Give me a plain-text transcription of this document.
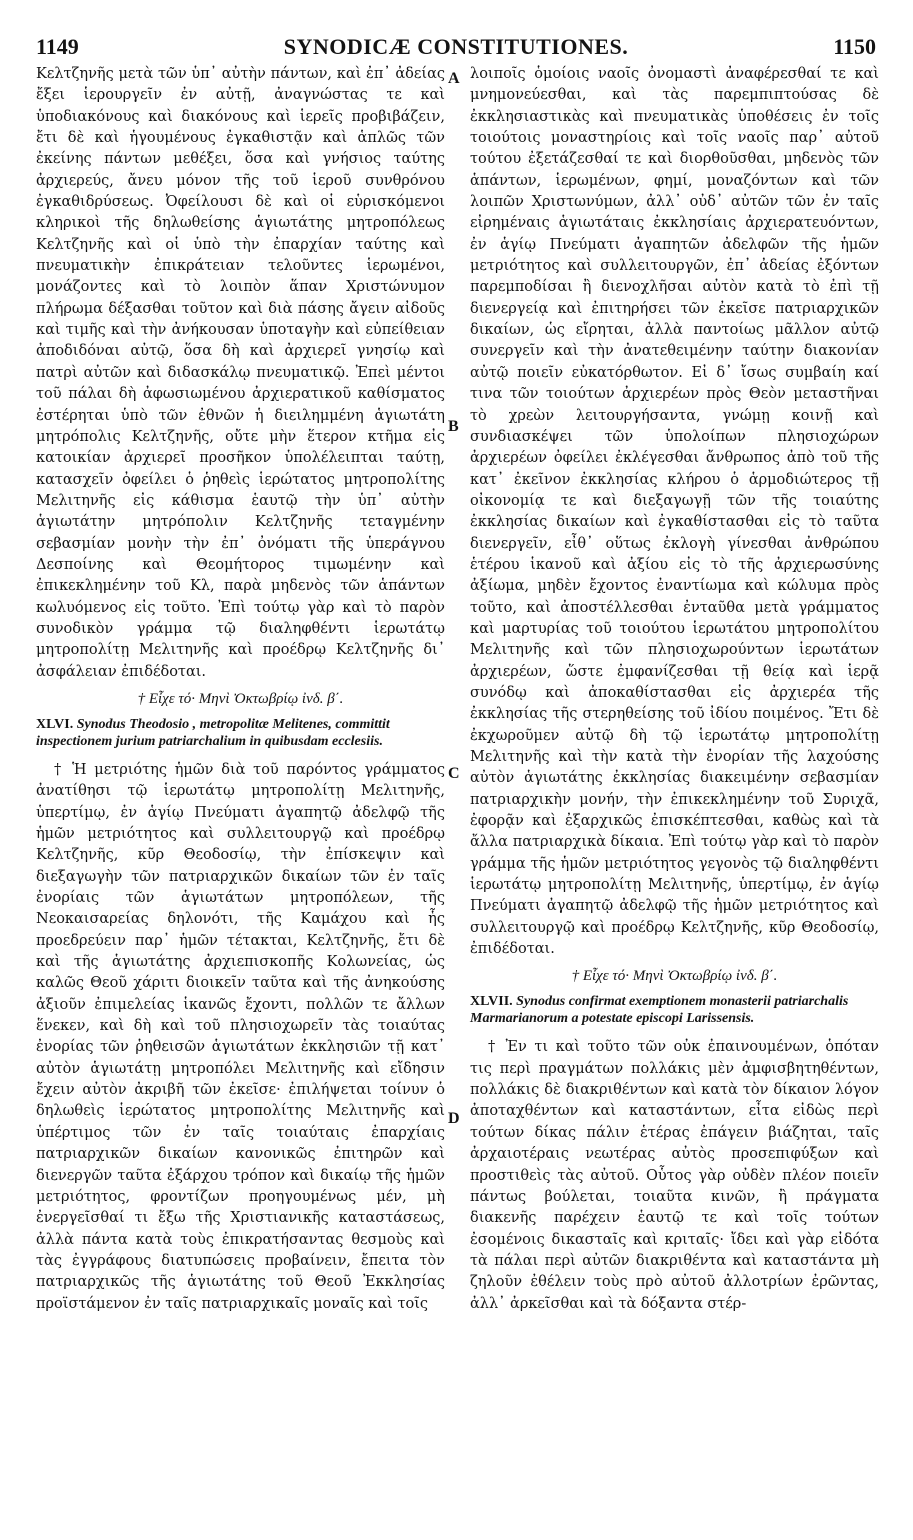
1149	SYNODICÆ CONSTITUTIONES.	1150
A
B
C
D

Κελτζηνῆς μετὰ τῶν ὑπ᾽ αὐτὴν πάντων, καὶ ἐπ᾽ ἀδείας ἔξει ἱερουργεῖν ἐν αὐτῇ, ἀναγνώστας τε καὶ ὑποδιακόνους καὶ διακόνους καὶ ἱερεῖς προβιβάζειν, ἔτι δὲ καὶ ἡγουμένους ἐγκαθιστᾷν καὶ ἁπλῶς τῶν ἐκείνης πάντων μεθέξει, ὅσα καὶ γνήσιος ταύτης ἀρχιερεύς, ἄνευ μόνον τῆς τοῦ ἱεροῦ συνθρόνου ἐγκαθιδρύσεως. Ὀφείλουσι δὲ καὶ οἱ εὑρισκόμενοι κληρικοὶ τῆς δηλωθείσης ἁγιωτάτης μητροπόλεως Κελτζηνῆς καὶ οἱ ὑπὸ τὴν ἐπαρχίαν ταύτης καὶ πνευματικὴν ἐπικράτειαν τελοῦντες ἱερωμένοι, μονάζοντες καὶ τὸ λοιπὸν ἅπαν Χριστώνυμον πλήρωμα δέξασθαι τοῦτον καὶ διὰ πάσης ἄγειν αἰδοῦς καὶ τιμῆς καὶ τὴν ἀνήκουσαν ὑποταγὴν καὶ εὐπείθειαν ἀποδιδόναι αὐτῷ, ὅσα δὴ καὶ ἀρχιερεῖ γνησίῳ καὶ πατρὶ αὐτῶν καὶ διδασκάλῳ πνευματικῷ. Ἐπεὶ μέντοι τοῦ πάλαι δὴ ἀφωσιωμένου ἀρχιερατικοῦ καθίσματος ἐστέρηται ὑπὸ τῶν ἐθνῶν ἡ διειλημμένη ἁγιωτάτη μητρόπολις Κελτζηνῆς, οὔτε μὴν ἕτερον κτῆμα εἰς κατοικίαν ἀρχιερεῖ προσῆκον ὑπολέλειπται ταύτῃ, κατασχεῖν ὀφείλει ὁ ῥηθεὶς ἱερώτατος μητροπολίτης Μελιτηνῆς εἰς κάθισμα ἑαυτῷ τὴν ὑπ᾽ αὐτὴν ἁγιωτάτην μητρόπολιν Κελτζηνῆς τεταγμένην σεβασμίαν μονὴν τὴν ἐπ᾽ ὀνόματι τῆς ὑπεράγνου Δεσποίνης καὶ Θεομήτορος τιμωμένην καὶ ἐπικεκλημένην τοῦ Κλ, παρὰ μηδενὸς τῶν ἁπάντων κωλυόμενος εἰς τοῦτο. Ἐπὶ τούτῳ γὰρ καὶ τὸ παρὸν συνοδικὸν γράμμα τῷ διαληφθέντι ἱερωτάτῳ μητροπολίτῃ Μελιτηνῆς καὶ προέδρῳ Κελτζηνῆς δι᾽ ἀσφάλειαν ἐπιδέδοται.

† Εἶχε τό· Μηνὶ Ὀκτωβρίῳ ἰνδ. β΄.
XLVI. Synodus Theodosio , metropolitæ Melitenes, committit inspectionem jurium patriarchalium in quibusdam ecclesiis.

† Ἡ μετριότης ἡμῶν διὰ τοῦ παρόντος γράμματος ἀνατίθησι τῷ ἱερωτάτῳ μητροπολίτῃ Μελιτηνῆς, ὑπερτίμῳ, ἐν ἁγίῳ Πνεύματι ἀγαπητῷ ἀδελφῷ τῆς ἡμῶν μετριότητος καὶ συλλειτουργῷ καὶ προέδρῳ Κελτζηνῆς, κῦρ Θεοδοσίῳ, τὴν ἐπίσκεψιν καὶ διεξαγωγὴν τῶν πατριαρχικῶν δικαίων τῶν ἐν ταῖς ἐνορίαις τῶν ἁγιωτάτων μητροπόλεων, τῆς Νεοκαισαρείας δηλονότι, τῆς Καμάχου καὶ ἧς προεδρεύειν παρ᾽ ἡμῶν τέτακται, Κελτζηνῆς, ἔτι δὲ καὶ τῆς ἁγιωτάτης ἀρχιεπισκοπῆς Κολωνείας, ὡς καλῶς Θεοῦ χάριτι διοικεῖν ταῦτα καὶ τῆς ἀνηκούσης ἀξιοῦν ἐπιμελείας ἱκανῶς ἔχοντι, πολλῶν τε ἄλλων ἕνεκεν, καὶ δὴ καὶ τοῦ πλησιοχωρεῖν τὰς τοιαύτας ἐνορίας τῶν ῥηθεισῶν ἁγιωτάτων ἐκκλησιῶν τῇ κατ᾽ αὐτὸν ἁγιωτάτῃ μητροπόλει Μελιτηνῆς καὶ εἴδησιν ἔχειν αὐτὸν ἀκριβῆ τῶν ἐκεῖσε· ἐπιλήψεται τοίνυν ὁ δηλωθεὶς ἱερώτατος μητροπολίτης Μελιτηνῆς καὶ ὑπέρτιμος τῶν ἐν ταῖς τοιαύταις ἐπαρχίαις πατριαρχικῶν δικαίων κανονικῶς ἐπιτηρῶν καὶ διενεργῶν ταῦτα ἐξάρχου τρόπον καὶ δικαίῳ τῆς ἡμῶν μετριότητος, φροντίζων προηγουμένως μέν, μὴ ἐνεργεῖσθαί τι ἔξω τῆς Χριστιανικῆς καταστάσεως, ἀλλὰ πάντα κατὰ τοὺς ἐπικρατήσαντας θεσμοὺς καὶ τὰς ἐγγράφους διατυπώσεις προβαίνειν, ἔπειτα τὸν πατριαρχικῶς τῆς ἁγιωτάτης τοῦ Θεοῦ Ἐκκλησίας προϊστάμενον ἐν ταῖς πατριαρχικαῖς μοναῖς καὶ τοῖς

λοιποῖς ὁμοίοις ναοῖς ὀνομαστὶ ἀναφέρεσθαί τε καὶ μνημονεύεσθαι, καὶ τὰς παρεμπιπτούσας δὲ ἐκκλησιαστικὰς καὶ πνευματικὰς ὑποθέσεις ἐν τοῖς τοιούτοις μοναστηρίοις καὶ τοῖς ναοῖς παρ᾽ αὐτοῦ τούτου ἐξετάζεσθαί τε καὶ διορθοῦσθαι, μηδενὸς τῶν ἁπάντων, ἱερωμένων, φημί, μοναζόντων καὶ τῶν λοιπῶν Χριστωνύμων, ἀλλ᾽ οὐδ᾽ αὐτῶν τῶν ἐν ταῖς εἰρημέναις ἁγιωτάταις ἐκκλησίαις ἀρχιερατευόντων, ἐν ἁγίῳ Πνεύματι ἀγαπητῶν ἀδελφῶν τῆς ἡμῶν μετριότητος καὶ συλλειτουργῶν, ἐπ᾽ ἀδείας ἐξόντων παρεμποδίσαι ἢ διενοχλῆσαι αὐτὸν κατὰ τὸ ἐπὶ τῇ διενεργείᾳ καὶ ἐπιτηρήσει τῶν ἐκεῖσε πατριαρχικῶν δικαίων, ὡς εἴρηται, ἀλλὰ παντοίως μᾶλλον αὐτῷ συνεργεῖν καὶ τὴν ἀνατεθειμένην ταύτην διακονίαν αὐτῷ ποιεῖν εὐκατόρθωτον. Εἰ δ᾽ ἴσως συμβαίη καί τινα τῶν τοιούτων ἀρχιερέων πρὸς Θεὸν μεταστῆναι τὸ χρεὼν λειτουργήσαντα, γνώμῃ κοινῇ καὶ συνδιασκέψει τῶν ὑπολοίπων πλησιοχώρων ἀρχιερέων ὀφείλει ἐκλέγεσθαι ἄνθρωπος ἀπὸ τοῦ τῆς κατ᾽ ἐκεῖνον ἐκκλησίας κλήρου ὁ ἁρμοδιώτερος τῇ οἰκονομίᾳ τε καὶ διεξαγωγῇ τῶν τῆς τοιαύτης ἐκκλησίας δικαίων καὶ ἐγκαθίστασθαι εἰς τὸ ταῦτα διενεργεῖν, εἶθ᾽ οὕτως ἐκλογὴ γίνεσθαι ἀνθρώπου ἑτέρου ἱκανοῦ καὶ ἀξίου εἰς τὸ τῆς ἀρχιερωσύνης ἀξίωμα, μηδὲν ἔχοντος ἐναντίωμα καὶ κώλυμα πρὸς τοῦτο, καὶ ἀποστέλλεσθαι ἐνταῦθα μετὰ γράμματος καὶ μαρτυρίας τοῦ τοιούτου ἱερωτάτου μητροπολίτου Μελιτηνῆς καὶ τῶν πλησιοχωρούντων ἱερωτάτων ἀρχιερέων, ὥστε ἐμφανίζεσθαι τῇ θείᾳ καὶ ἱερᾷ συνόδῳ καὶ ἀποκαθίστασθαι εἰς ἀρχιερέα τῆς ἐκκλησίας τῆς στερηθείσης τοῦ ἰδίου ποιμένος. Ἔτι δὲ ἐκχωροῦμεν αὐτῷ δὴ τῷ ἱερωτάτῳ μητροπολίτῃ Μελιτηνῆς καὶ τὴν κατὰ τὴν ἐνορίαν τῆς λαχούσης αὐτὸν ἁγιωτάτης ἐκκλησίας διακειμένην σεβασμίαν πατριαρχικὴν μονήν, τὴν ἐπικεκλημένην τοῦ Συριχᾶ, ἐφορᾷν καὶ ἐξαρχικῶς ἐπισκέπτεσθαι, καθὼς καὶ τὰ ἄλλα πατριαρχικὰ δίκαια. Ἐπὶ τούτῳ γὰρ καὶ τὸ παρὸν γράμμα τῆς ἡμῶν μετριότητος γεγονὸς τῷ διαληφθέντι ἱερωτάτῳ μητροπολίτῃ Μελιτηνῆς, ὑπερτίμῳ, ἐν ἁγίῳ Πνεύματι ἀγαπητῷ ἀδελφῷ τῆς ἡμῶν μετριότητος καὶ συλλειτουργῷ καὶ προέδρῳ Κελτζηνῆς, κῦρ Θεοδοσίῳ, ἐπιδέδοται.

† Εἶχε τό· Μηνὶ Ὀκτωβρίῳ ἰνδ. β΄.
XLVII. Synodus confirmat exemptionem monasterii patriarchalis Marmarianorum a potestate episcopi Larissensis.

† Ἐν τι καὶ τοῦτο τῶν οὐκ ἐπαινουμένων, ὁπόταν τις περὶ πραγμάτων πολλάκις μὲν ἀμφισβητηθέντων, πολλάκις δὲ διακριθέντων καὶ κατὰ τὸν δίκαιον λόγον ἀποταχθέντων καὶ καταστάντων, εἶτα εἰδὼς περὶ τούτων δίκας πάλιν ἑτέρας ἐπάγειν βιάζηται, ταῖς ἀρχαιοτέραις νεωτέρας αὐτὸς προσεπιφύξων καὶ προστιθεὶς τὰς αὐτοῦ. Οὗτος γὰρ οὐδὲν πλέον ποιεῖν πάντως βούλεται, τοιαῦτα κινῶν, ἢ πράγματα διακενῆς παρέχειν ἑαυτῷ τε καὶ τοῖς τούτων ἐσομένοις δικασταῖς καὶ κριταῖς· ἴδει καὶ γὰρ εἰδότα τὰ πάλαι περὶ αὐτῶν διακριθέντα καὶ καταστάντα μὴ ζηλοῦν ἐθέλειν τοὺς πρὸ αὐτοῦ ἀλλοτρίων ἐρῶντας, ἀλλ᾽ ἀρκεῖσθαι καὶ τὰ δόξαντα στέρ-
